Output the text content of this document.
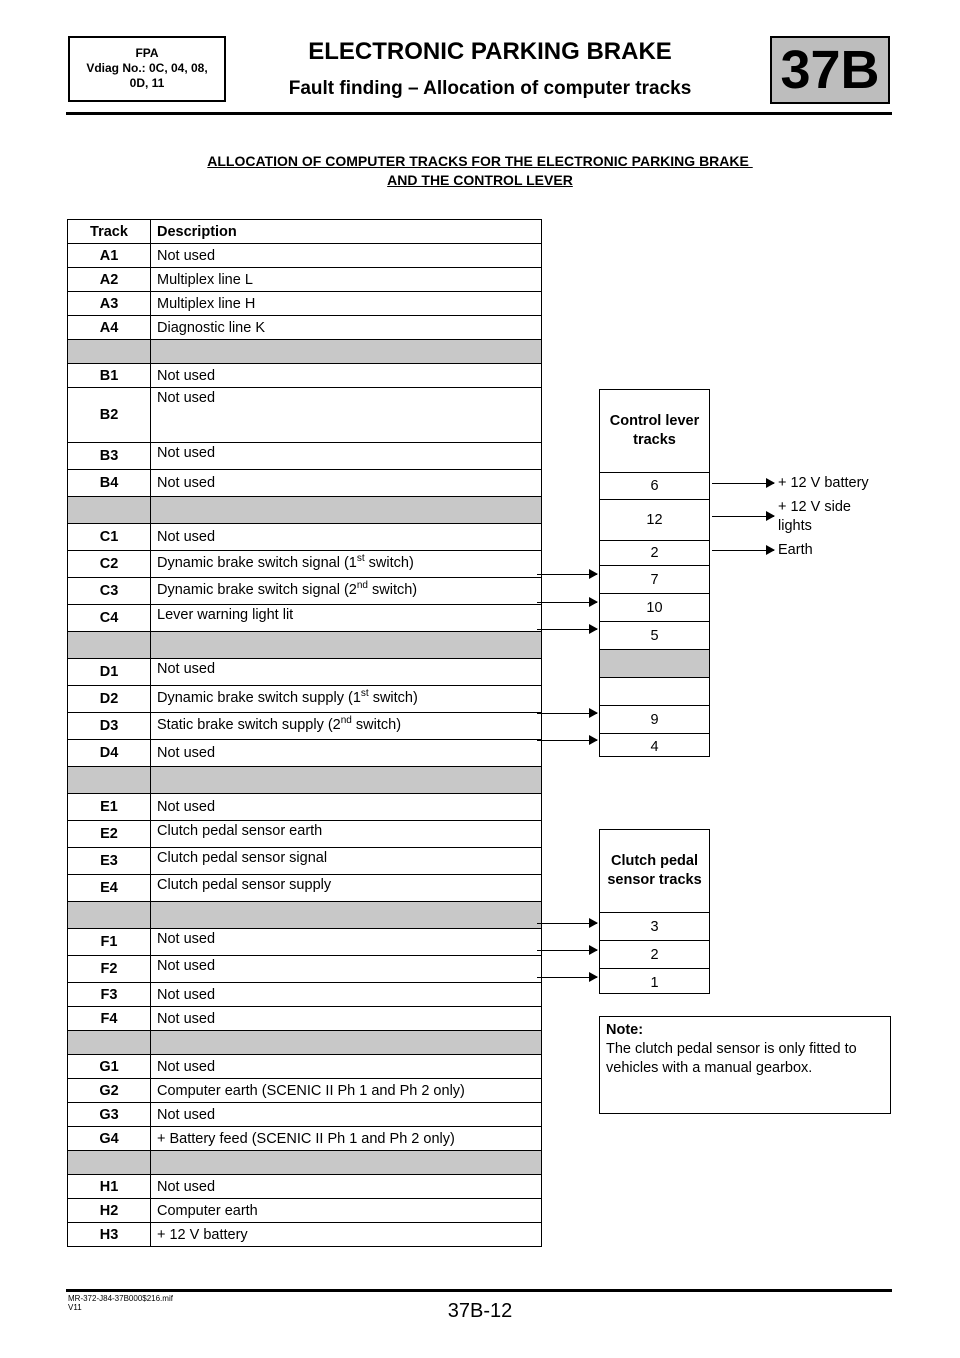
FPA
Vdiag No.: 0C, 04, 08,
0D, 11
ELECTRONIC PARKING BRAKE
Fault finding – Allocation of computer tracks	37B
ALLOCATION OF COMPUTER TRACKS FOR THE ELECTRONIC PARKING BRAKE
AND THE CONTROL LEVER
Track	Description
A1	Not used
A2	Multiplex line L
A3	Multiplex line H
A4	Diagnostic line K

B1	Not used
B2	Not used
B3	Not used
B4	Not used

C1	Not used
C2	Dynamic brake switch signal (1st switch)
C3	Dynamic brake switch signal (2nd switch)
C4	Lever warning light lit

D1	Not used
D2	Dynamic brake switch supply (1st switch)
D3	Static brake switch supply (2nd switch)
D4	Not used

E1	Not used
E2	Clutch pedal sensor earth
E3	Clutch pedal sensor signal
E4	Clutch pedal sensor supply

F1	Not used
F2	Not used
F3	Not used
F4	Not used

G1	Not used
G2	Computer earth (SCENIC II Ph 1 and Ph 2 only)
G3	Not used
G4	+ Battery feed (SCENIC II Ph 1 and Ph 2 only)

H1	Not used
H2	Computer earth
H3	+ 12 V battery
Control lever tracks
6
12
2
7
10
5
9
4
+ 12 V battery
+ 12 V side lights
Earth
Clutch pedal sensor tracks
3
2
1
Note:
The clutch pedal sensor is only fitted to vehicles with a manual gearbox.
MR-372-J84-37B000$216.mif
V11	37B-12
